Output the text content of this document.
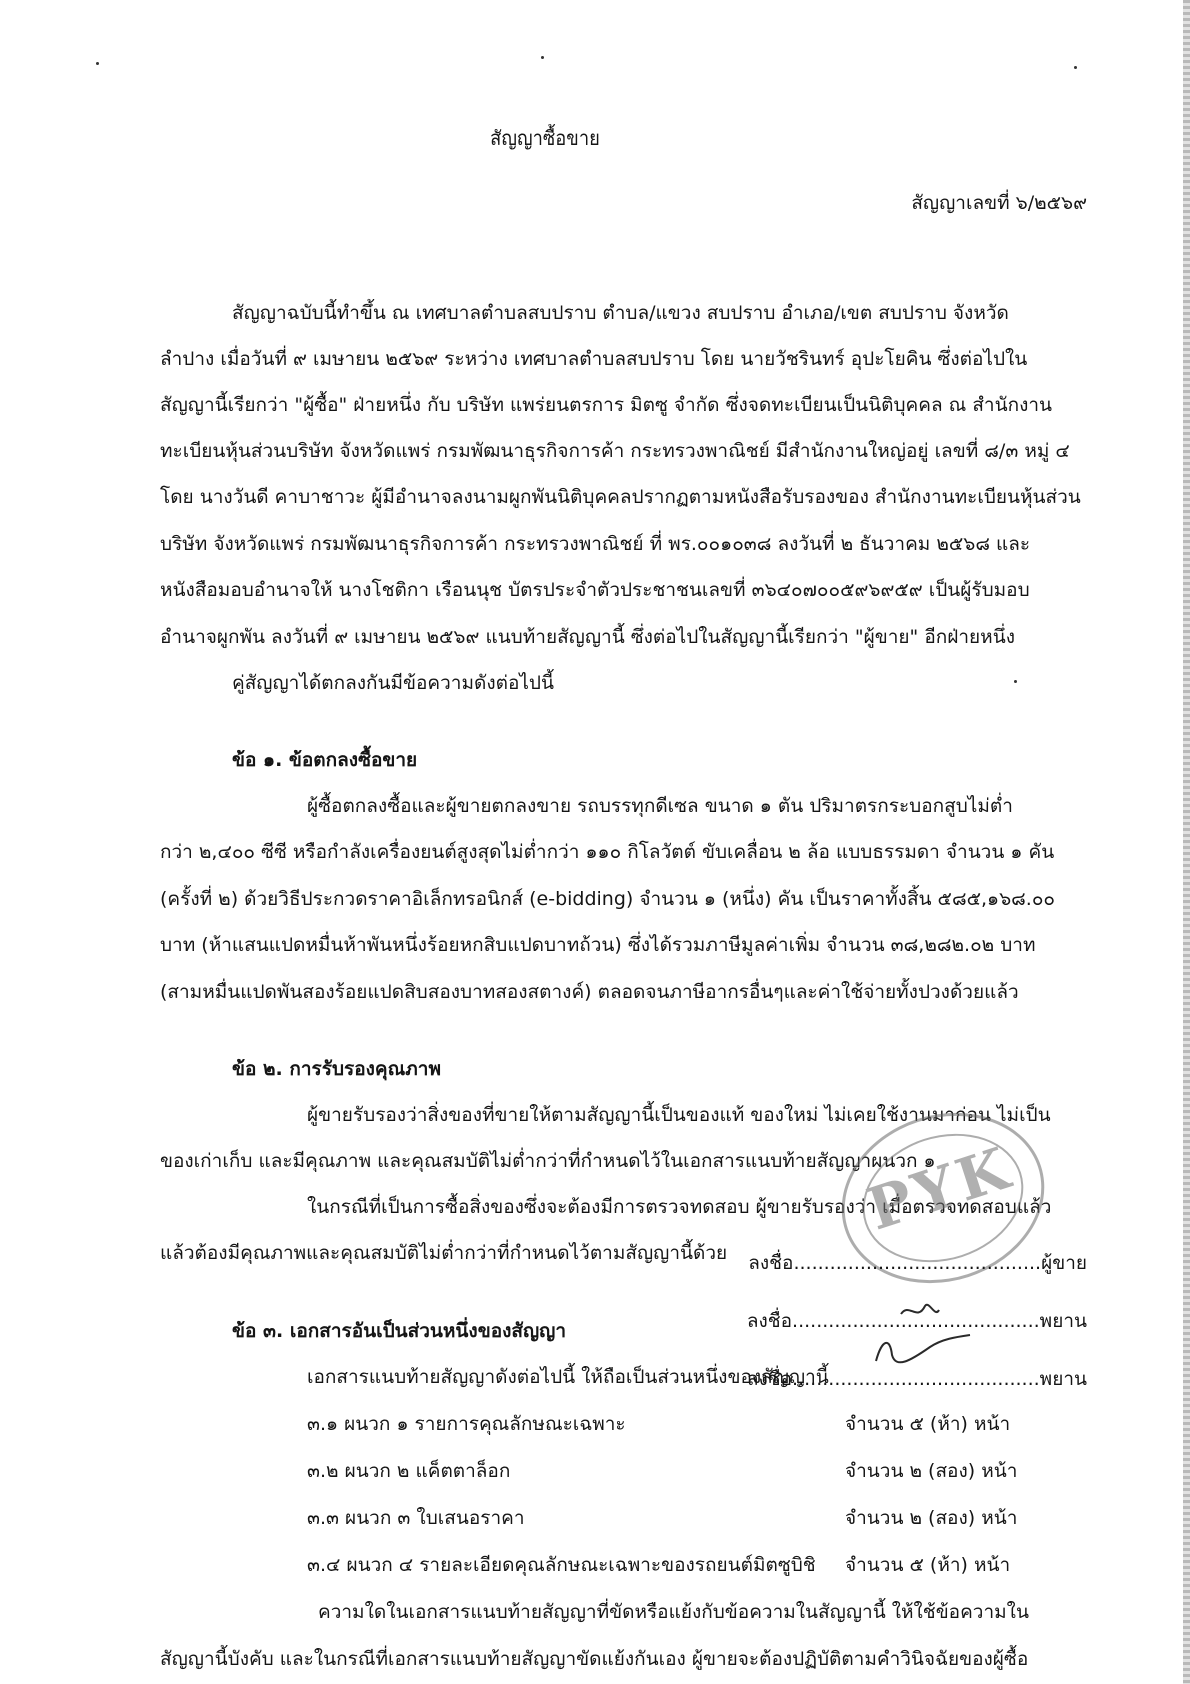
สัญญาซื้อขาย
สัญญาเลขที่ ๖/๒๕๖๙
สัญญาฉบับนี้ทำขึ้น ณ เทศบาลตำบลสบปราบ ตำบล/แขวง สบปราบ อำเภอ/เขต สบปราบ จังหวัด
ลำปาง เมื่อวันที่ ๙ เมษายน ๒๕๖๙ ระหว่าง เทศบาลตำบลสบปราบ โดย นายวัชรินทร์ อุปะโยคิน ซึ่งต่อไปใน
สัญญานี้เรียกว่า "ผู้ซื้อ" ฝ่ายหนึ่ง กับ บริษัท แพร่ยนตรการ มิตซู จำกัด ซึ่งจดทะเบียนเป็นนิติบุคคล ณ สำนักงาน
ทะเบียนหุ้นส่วนบริษัท จังหวัดแพร่ กรมพัฒนาธุรกิจการค้า กระทรวงพาณิชย์ มีสำนักงานใหญ่อยู่ เลขที่ ๘/๓ หมู่ ๔
โดย นางวันดี คาบาชาวะ ผู้มีอำนาจลงนามผูกพันนิติบุคคลปรากฏตามหนังสือรับรองของ สำนักงานทะเบียนหุ้นส่วน
บริษัท จังหวัดแพร่ กรมพัฒนาธุรกิจการค้า กระทรวงพาณิชย์ ที่ พร.๐๐๑๐๓๘ ลงวันที่ ๒ ธันวาคม ๒๕๖๘ และ
หนังสือมอบอำนาจให้ นางโชติกา เรือนนุช บัตรประจำตัวประชาชนเลขที่ ๓๖๔๐๗๐๐๕๙๖๙๕๙ เป็นผู้รับมอบ
อำนาจผูกพัน ลงวันที่ ๙ เมษายน ๒๕๖๙ แนบท้ายสัญญานี้ ซึ่งต่อไปในสัญญานี้เรียกว่า "ผู้ขาย" อีกฝ่ายหนึ่ง
คู่สัญญาได้ตกลงกันมีข้อความดังต่อไปนี้
ข้อ ๑. ข้อตกลงซื้อขาย
ผู้ซื้อตกลงซื้อและผู้ขายตกลงขาย รถบรรทุกดีเซล ขนาด ๑ ตัน ปริมาตรกระบอกสูบไม่ต่ำ
กว่า ๒,๔๐๐ ซีซี หรือกำลังเครื่องยนต์สูงสุดไม่ต่ำกว่า ๑๑๐ กิโลวัตต์ ขับเคลื่อน ๒ ล้อ แบบธรรมดา จำนวน ๑ คัน
(ครั้งที่ ๒) ด้วยวิธีประกวดราคาอิเล็กทรอนิกส์ (e-bidding) จำนวน ๑ (หนึ่ง) คัน เป็นราคาทั้งสิ้น ๕๘๕,๑๖๘.๐๐
บาท (ห้าแสนแปดหมื่นห้าพันหนึ่งร้อยหกสิบแปดบาทถ้วน) ซึ่งได้รวมภาษีมูลค่าเพิ่ม จำนวน ๓๘,๒๘๒.๐๒ บาท
(สามหมื่นแปดพันสองร้อยแปดสิบสองบาทสองสตางค์) ตลอดจนภาษีอากรอื่นๆและค่าใช้จ่ายทั้งปวงด้วยแล้ว
ข้อ ๒. การรับรองคุณภาพ
ผู้ขายรับรองว่าสิ่งของที่ขายให้ตามสัญญานี้เป็นของแท้ ของใหม่ ไม่เคยใช้งานมาก่อน ไม่เป็น
ของเก่าเก็บ และมีคุณภาพ และคุณสมบัติไม่ต่ำกว่าที่กำหนดไว้ในเอกสารแนบท้ายสัญญาผนวก ๑
ในกรณีที่เป็นการซื้อสิ่งของซึ่งจะต้องมีการตรวจทดสอบ ผู้ขายรับรองว่า เมื่อตรวจทดสอบแล้ว
แล้วต้องมีคุณภาพและคุณสมบัติไม่ต่ำกว่าที่กำหนดไว้ตามสัญญานี้ด้วย
PYK
ลงชื่อ.........................................ผู้ขาย
ลงชื่อ.........................................พยาน
ลงชื่อ.........................................พยาน
ข้อ ๓. เอกสารอันเป็นส่วนหนึ่งของสัญญา
เอกสารแนบท้ายสัญญาดังต่อไปนี้ ให้ถือเป็นส่วนหนึ่งของสัญญานี้
๓.๑ ผนวก ๑ รายการคุณลักษณะเฉพาะ	จำนวน ๕ (ห้า) หน้า
๓.๒ ผนวก ๒ แค็ตตาล็อก	จำนวน ๒ (สอง) หน้า
๓.๓ ผนวก ๓ ใบเสนอราคา	จำนวน ๒ (สอง) หน้า
๓.๔ ผนวก ๔ รายละเอียดคุณลักษณะเฉพาะของรถยนต์มิตซูบิชิ จำนวน ๕ (ห้า) หน้า
ความใดในเอกสารแนบท้ายสัญญาที่ขัดหรือแย้งกับข้อความในสัญญานี้ ให้ใช้ข้อความใน
สัญญานี้บังคับ และในกรณีที่เอกสารแนบท้ายสัญญาขัดแย้งกันเอง ผู้ขายจะต้องปฏิบัติตามคำวินิจฉัยของผู้ซื้อ
